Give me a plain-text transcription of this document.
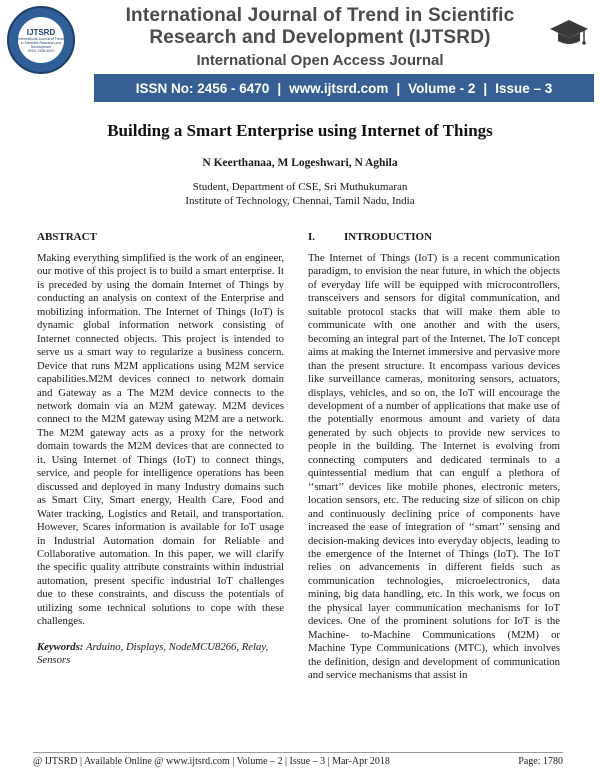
IJTSRD
International Journal of Trend in Scientific Research and Development
ISSN: 2456-6470
International Journal of Trend in Scientific
Research and Development (IJTSRD)
International Open Access Journal
ISSN No: 2456 - 6470 | www.ijtsrd.com | Volume - 2 | Issue – 3
Building a Smart Enterprise using Internet of Things
N Keerthanaa, M Logeshwari, N Aghila
Student, Department of CSE, Sri Muthukumaran
Institute of Technology, Chennai, Tamil Nadu, India
ABSTRACT

Making everything simplified is the work of an engineer, our motive of this project is to build a smart enterprise. It is preceded by using the domain Internet of Things by conducting an analysis on context of the Enterprise and mobilizing information. The Internet of Things (IoT) is dynamic global information network consisting of Internet connected objects. This project is intended to serve us a smart way to regularize a business concern. Device that runs M2M applications using M2M service capabilities.M2M devices connect to network domain and Gateway as a The M2M device connects to the network domain via an M2M gateway. M2M devices connect to the M2M gateway using M2M are a network. The M2M gateway acts as a proxy for the network domain towards the M2M devices that are connected to it. Using Internet of Things (IoT) to connect things, service, and people for intelligence operations has been discussed and deployed in many Industry domains such as Smart City, Smart energy, Health Care, Food and Water tracking, Logistics and Retail, and transportation. However, Scares information is available for IoT usage in Industrial Automation domain for Reliable and Collaborative automation. In this paper, we will clarify the specific quality attribute constraints within industrial automation, present specific industrial IoT challenges due to these constraints, and discuss the potentials of utilizing some technical solutions to cope with these challenges.

Keywords: Arduino, Displays, NodeMCU8266, Relay, Sensors

I.	INTRODUCTION

The Internet of Things (IoT) is a recent communication paradigm, to envision the near future, in which the objects of everyday life will be equipped with microcontrollers, transceivers and sensors for digital communication, and suitable protocol stacks that will make them able to communicate with one another and with the users, becoming an integral part of the Internet. The IoT concept aims at making the Internet immersive and pervasive more than the present structure. It encompass various devices like surveillance cameras, monitoring sensors, actuators, displays, vehicles, and so on, the IoT will encourage the development of a number of applications that make use of the potentially enormous amount and variety of data generated by such objects to provide new services to people in the building. The Internet is evolving from connecting computers and dedicated terminals to a quintessential medium that can engulf a plethora of ‘‘smart’’ devices like mobile phones, electronic meters, location sensors, etc. The reducing size of silicon on chip and continuously declining price of components have increased the ease of integration of ‘‘smart’’ sensing and decision-making devices into everyday objects, leading to the emergence of the Internet of Things (IoT). The IoT relies on advancements in different fields such as communication technologies, microelectronics, data mining, big data handling, etc. In this work, we focus on the physical layer communication mechanisms for IoT devices. One of the prominent solutions for IoT is the Machine- to-Machine Communications (M2M) or Machine Type Communications (MTC), which involves the definition, design and development of communication and service mechanisms that assist in

@ IJTSRD | Available Online @ www.ijtsrd.com | Volume – 2 | Issue – 3 | Mar-Apr 2018	Page: 1780
